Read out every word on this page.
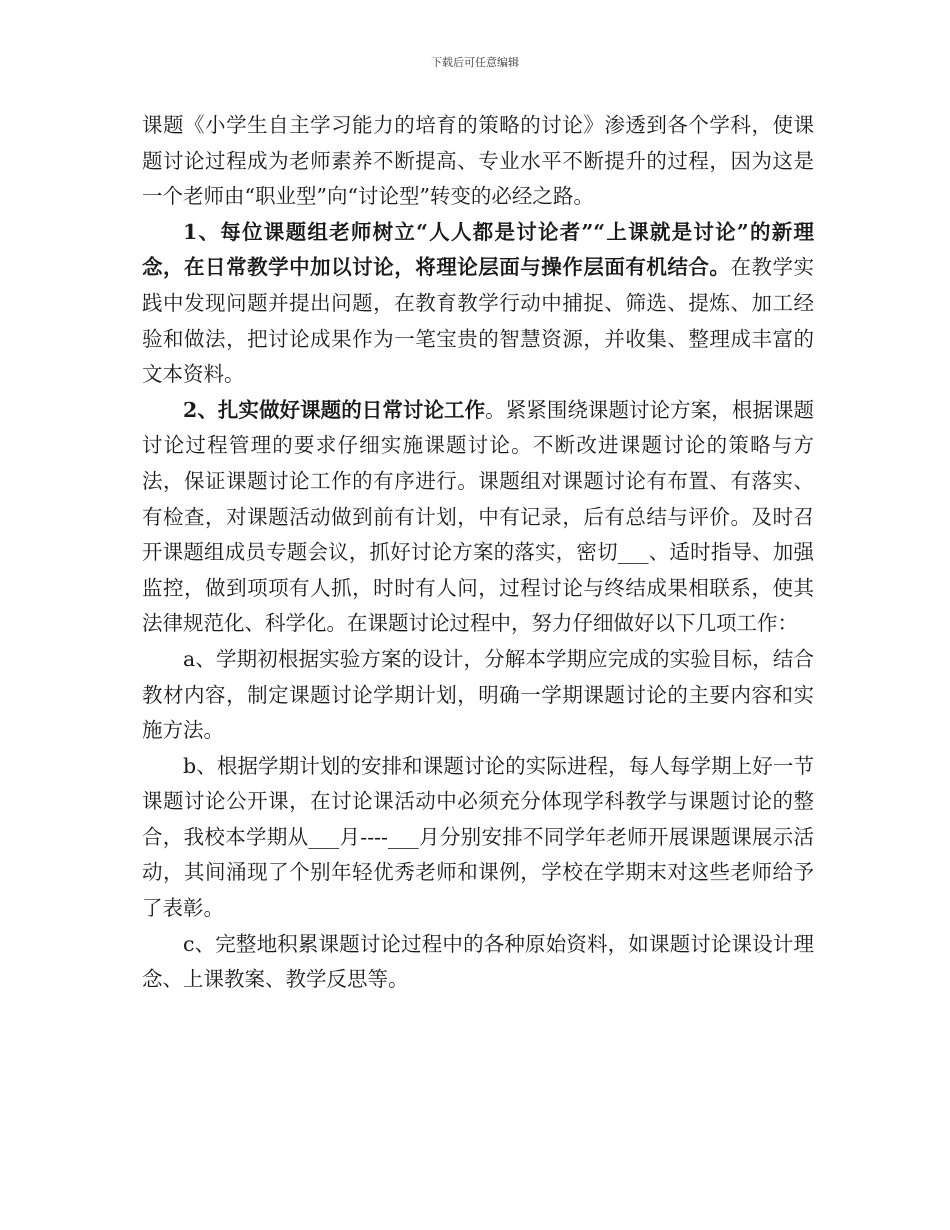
下载后可任意编辑

课题《小学生自主学习能力的培育的策略的讨论》渗透到各个学科，使课题讨论过程成为老师素养不断提高、专业水平不断提升的过程，因为这是一个老师由“职业型”向“讨论型”转变的必经之路。

1、每位课题组老师树立“人人都是讨论者”“上课就是讨论”的新理念，在日常教学中加以讨论，将理论层面与操作层面有机结合。在教学实践中发现问题并提出问题，在教育教学行动中捕捉、筛选、提炼、加工经验和做法，把讨论成果作为一笔宝贵的智慧资源，并收集、整理成丰富的文本资料。

2、扎实做好课题的日常讨论工作。紧紧围绕课题讨论方案，根据课题讨论过程管理的要求仔细实施课题讨论。不断改进课题讨论的策略与方法，保证课题讨论工作的有序进行。课题组对课题讨论有布置、有落实、有检查，对课题活动做到前有计划，中有记录，后有总结与评价。及时召开课题组成员专题会议，抓好讨论方案的落实，密切___、适时指导、加强监控，做到项项有人抓，时时有人问，过程讨论与终结成果相联系，使其法律规范化、科学化。在课题讨论过程中，努力仔细做好以下几项工作：

a、学期初根据实验方案的设计，分解本学期应完成的实验目标，结合教材内容，制定课题讨论学期计划，明确一学期课题讨论的主要内容和实施方法。

b、根据学期计划的安排和课题讨论的实际进程，每人每学期上好一节课题讨论公开课，在讨论课活动中必须充分体现学科教学与课题讨论的整合，我校本学期从___月----___月分别安排不同学年老师开展课题课展示活动，其间涌现了个别年轻优秀老师和课例，学校在学期末对这些老师给予了表彰。

c、完整地积累课题讨论过程中的各种原始资料，如课题讨论课设计理念、上课教案、教学反思等。
